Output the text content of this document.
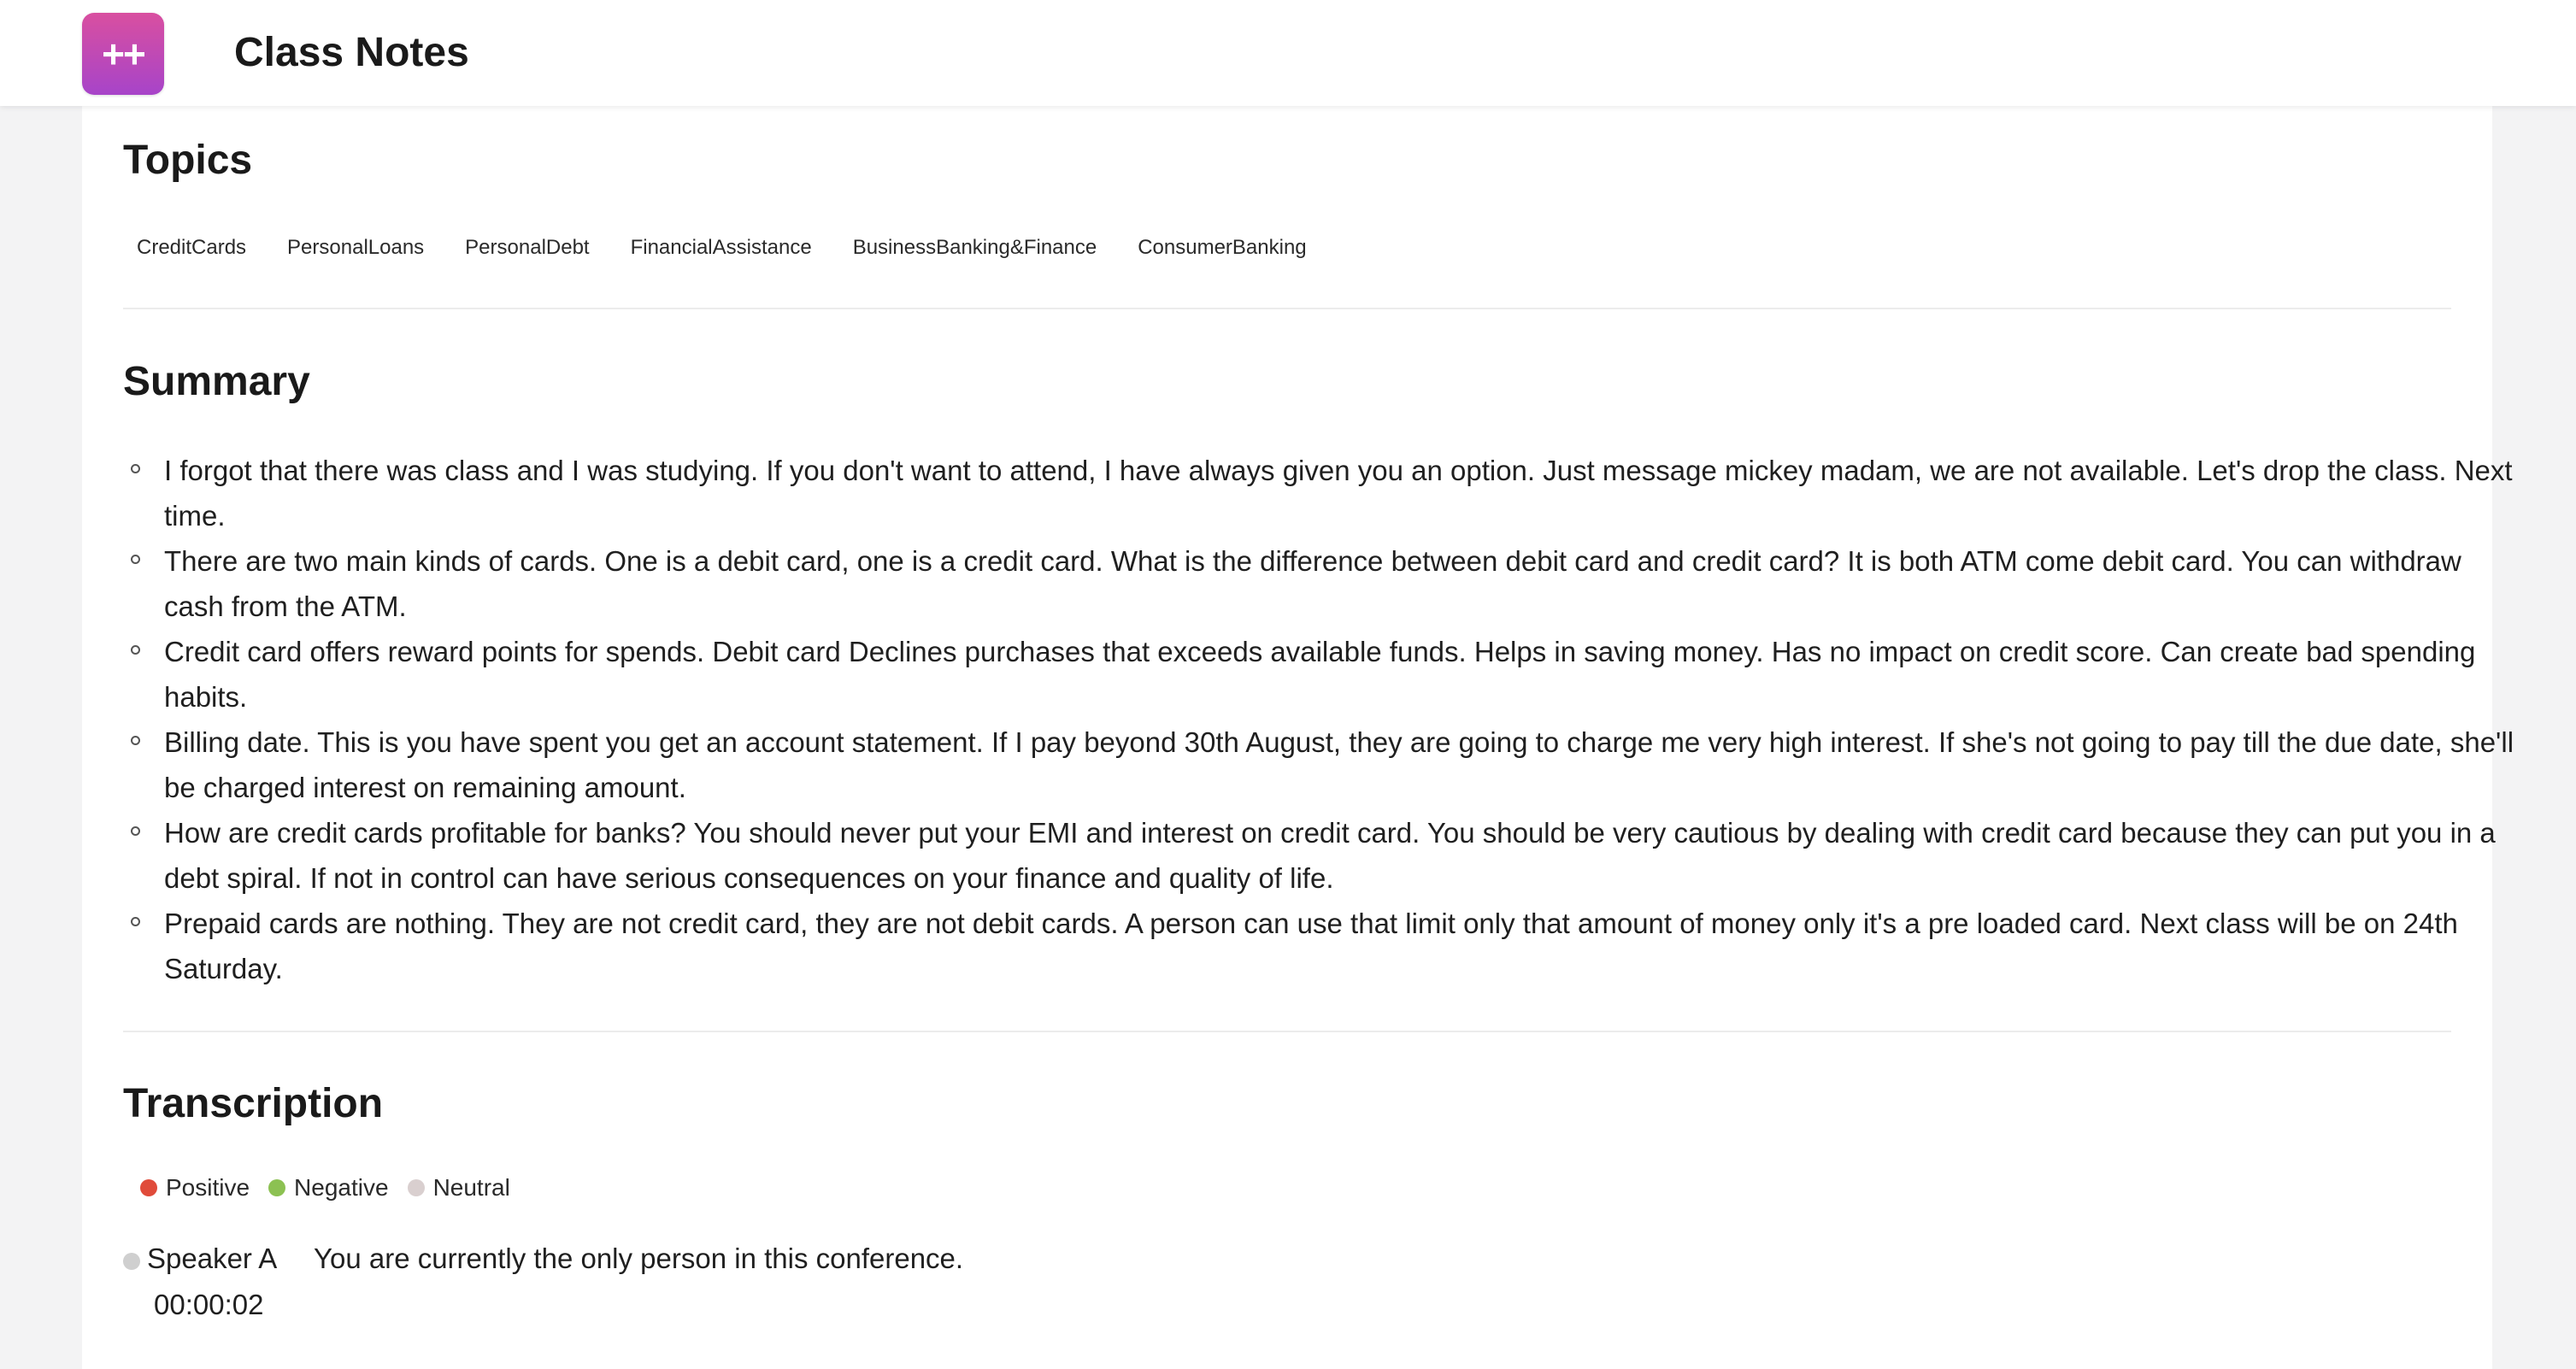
++ Class Notes
Topics
CreditCards PersonalLoans PersonalDebt FinancialAssistance BusinessBanking&Finance ConsumerBanking
Summary
I forgot that there was class and I was studying. If you don't want to attend, I have always given you an option. Just message mickey madam, we are not available. Let's drop the class. Next time.
There are two main kinds of cards. One is a debit card, one is a credit card. What is the difference between debit card and credit card? It is both ATM come debit card. You can withdraw cash from the ATM.
Credit card offers reward points for spends. Debit card Declines purchases that exceeds available funds. Helps in saving money. Has no impact on credit score. Can create bad spending habits.
Billing date. This is you have spent you get an account statement. If I pay beyond 30th August, they are going to charge me very high interest. If she's not going to pay till the due date, she'll be charged interest on remaining amount.
How are credit cards profitable for banks? You should never put your EMI and interest on credit card. You should be very cautious by dealing with credit card because they can put you in a debt spiral. If not in control can have serious consequences on your finance and quality of life.
Prepaid cards are nothing. They are not credit card, they are not debit cards. A person can use that limit only that amount of money only it's a pre loaded card. Next class will be on 24th Saturday.
Transcription
Positive Negative Neutral
Speaker A
00:00:02
You are currently the only person in this conference.
